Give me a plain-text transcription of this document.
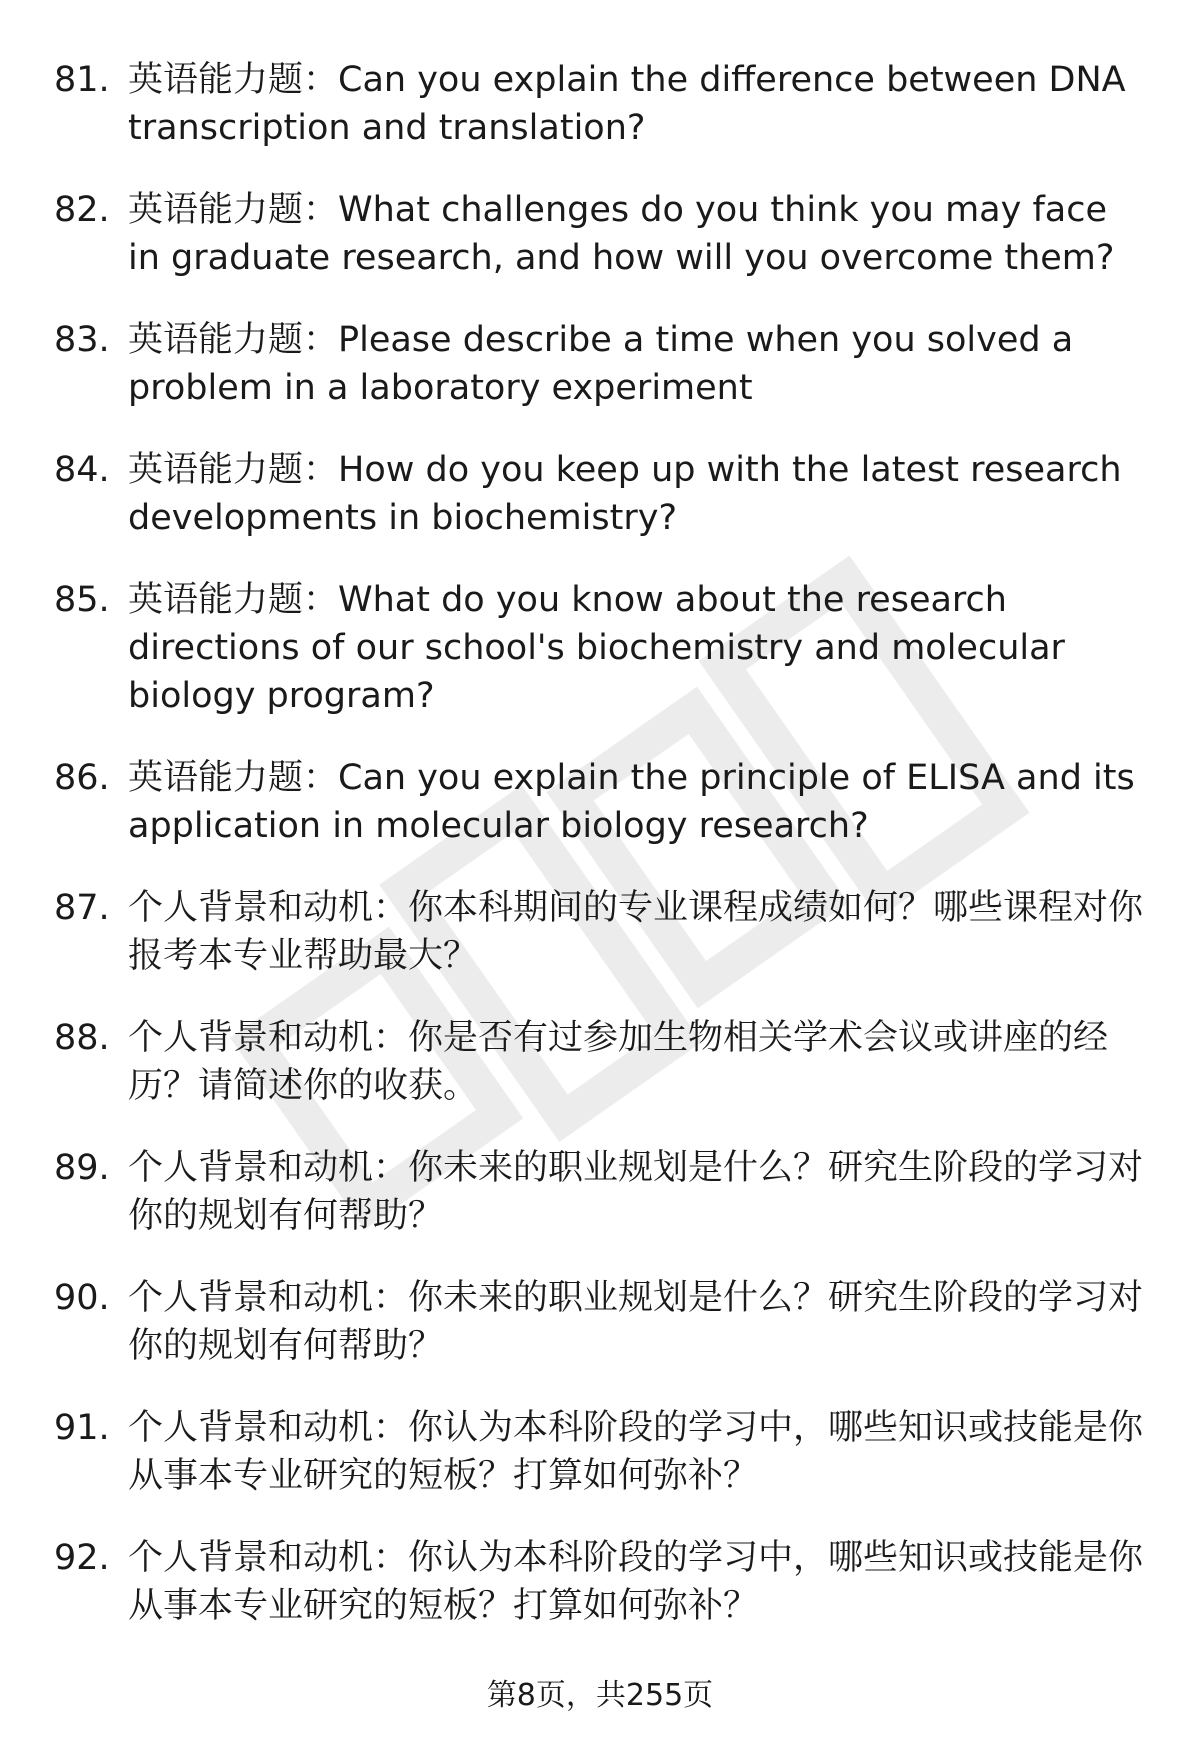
81. 英语能力题：Can you explain the difference between DNA transcription and translation?
82. 英语能力题：What challenges do you think you may face in graduate research, and how will you overcome them?
83. 英语能力题：Please describe a time when you solved a problem in a laboratory experiment
84. 英语能力题：How do you keep up with the latest research developments in biochemistry?
85. 英语能力题：What do you know about the research directions of our school's biochemistry and molecular biology program?
86. 英语能力题：Can you explain the principle of ELISA and its application in molecular biology research?
87. 个人背景和动机：你本科期间的专业课程成绩如何？哪些课程对你报考本专业帮助最大？
88. 个人背景和动机：你是否有过参加生物相关学术会议或讲座的经历？请简述你的收获。
89. 个人背景和动机：你未来的职业规划是什么？研究生阶段的学习对你的规划有何帮助？
90. 个人背景和动机：你未来的职业规划是什么？研究生阶段的学习对你的规划有何帮助？
91. 个人背景和动机：你认为本科阶段的学习中，哪些知识或技能是你从事本专业研究的短板？打算如何弥补？
92. 个人背景和动机：你认为本科阶段的学习中，哪些知识或技能是你从事本专业研究的短板？打算如何弥补？
第8页，共255页
